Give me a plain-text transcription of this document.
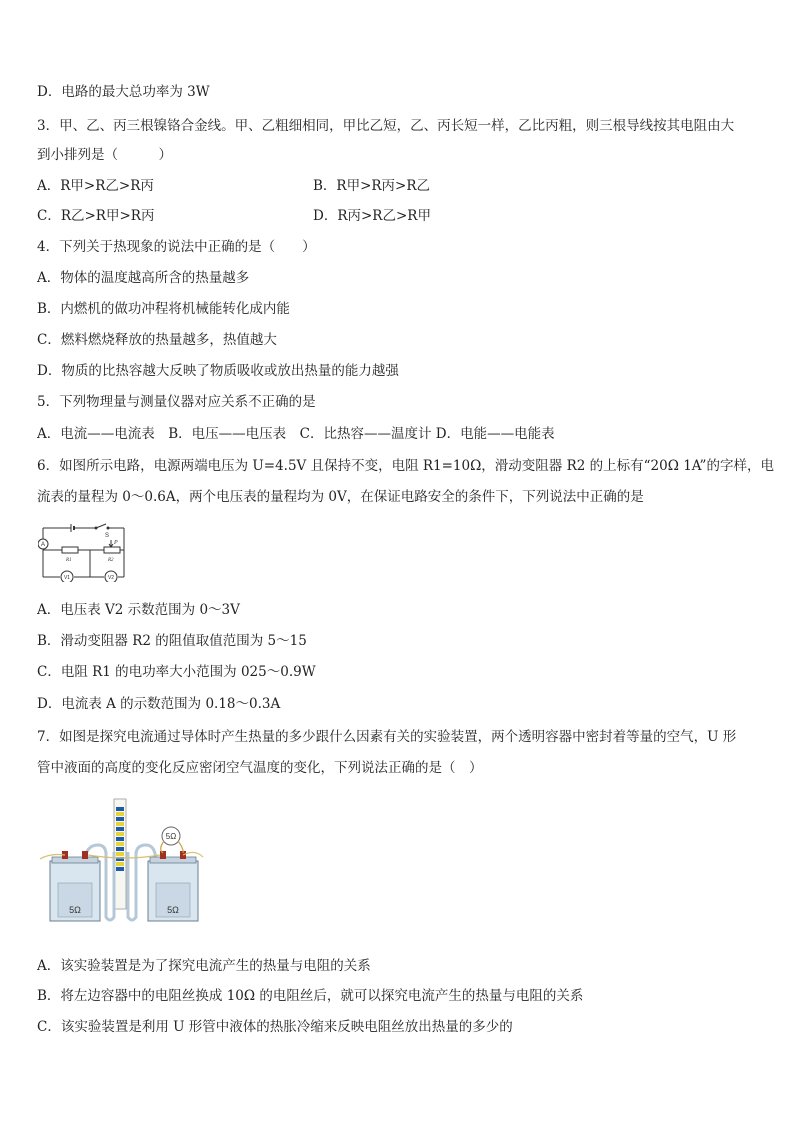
D．电路的最大总功率为 3W
3．甲、乙、丙三根镍铬合金线。甲、乙粗细相同，甲比乙短，乙、丙长短一样，乙比丙粗，则三根导线按其电阻由大
到小排列是（　　　）
A．R甲>R乙>R丙	B．R甲>R丙>R乙
C．R乙>R甲>R丙	D．R丙>R乙>R甲
4．下列关于热现象的说法中正确的是（　　）
A．物体的温度越高所含的热量越多
B．内燃机的做功冲程将机械能转化成内能
C．燃料燃烧释放的热量越多，热值越大
D．物质的比热容越大反映了物质吸收或放出热量的能力越强
5．下列物理量与测量仪器对应关系不正确的是
A．电流——电流表　B．电压——电压表　C．比热容——温度计 D．电能——电能表
6．如图所示电路，电源两端电压为 U=4.5V 且保持不变，电阻 R1=10Ω，滑动变阻器 R2 的上标有“20Ω 1A”的字样，电
流表的量程为 0～0.6A，两个电压表的量程均为 0V，在保证电路安全的条件下，下列说法中正确的是
A
S
P
R1	R2
V1	V2
A．电压表 V2 示数范围为 0～3V
B．滑动变阻器 R2 的阻值取值范围为 5～15
C．电阻 R1 的电功率大小范围为 025～0.9W
D．电流表 A 的示数范围为 0.18～0.3A
7．如图是探究电流通过导体时产生热量的多少跟什么因素有关的实验装置，两个透明容器中密封着等量的空气，U 形
管中液面的高度的变化反应密闭空气温度的变化，下列说法正确的是（　）
5Ω	5Ω
5Ω
A．该实验装置是为了探究电流产生的热量与电阻的关系
B．将左边容器中的电阻丝换成 10Ω 的电阻丝后，就可以探究电流产生的热量与电阻的关系
C．该实验装置是利用 U 形管中液体的热胀冷缩来反映电阻丝放出热量的多少的
